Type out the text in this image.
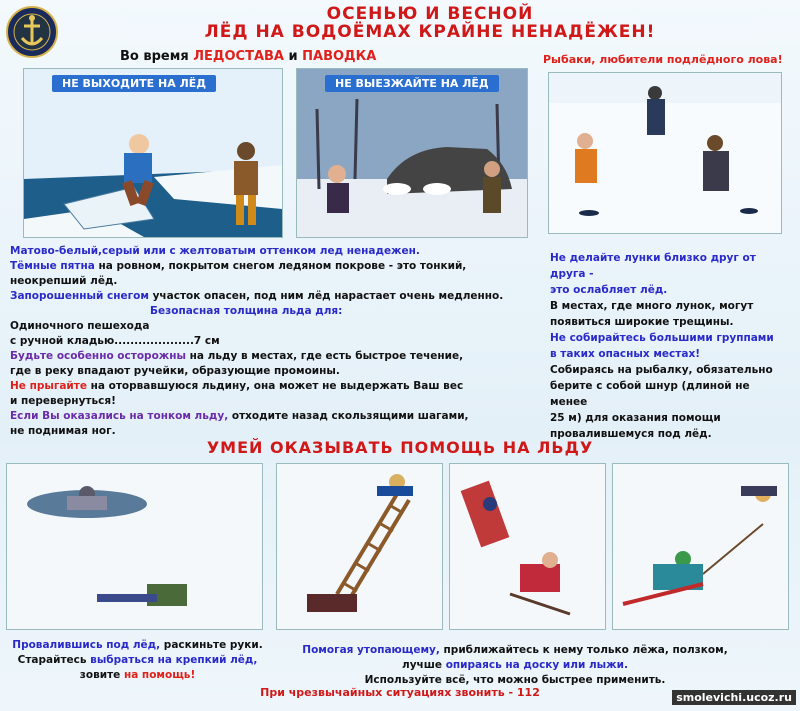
ОСЕНЬЮ И ВЕСНОЙ
ЛЁД НА ВОДОЁМАХ КРАЙНЕ НЕНАДЁЖЕН!
Во время ЛЕДОСТАВА и ПАВОДКА	Рыбаки, любители подлёдного лова!
НЕ ВЫХОДИТЕ НА ЛЁД	НЕ ВЫЕЗЖАЙТЕ НА ЛЁД

Матово-белый,серый или с желтоватым оттенком лед ненадежен.

Тёмные пятна на ровном, покрытом снегом ледяном покрове - это тонкий,

неокрепший лёд.

Запорошенный снегом участок опасен, под ним лёд нарастает очень медленно.

Безопасная толщина льда для:

Одиночного пешехода

с ручной кладью....................7 см

Будьте особенно осторожны на льду в местах, где есть быстрое течение,

где в реку впадают ручейки, образующие промоины.

Не прыгайте на оторвавшуюся льдину, она может не выдержать Ваш вес

и перевернуться!

Если Вы оказались на тонком льду, отходите назад скользящими шагами,

не поднимая ног.

Не делайте лунки близко друг от друга -

это ослабляет лёд.

В местах, где много лунок, могут

появиться широкие трещины.

Не собирайтесь большими группами

в таких опасных местах!

Собираясь на рыбалку, обязательно

берите с собой шнур (длиной не менее

25 м) для оказания помощи

провалившемуся под лёд.

УМЕЙ ОКАЗЫВАТЬ ПОМОЩЬ НА ЛЬДУ
Провалившись под лёд, раскиньте руки.
Старайтесь выбраться на крепкий лёд,
зовите на помощь!
Помогая утопающему, приближайтесь к нему только лёжа, ползком,
лучше опираясь на доску или лыжи.
Используйте всё, что можно быстрее применить.
При чрезвычайных ситуациях звонить - 112	smolevichi.ucoz.ru
